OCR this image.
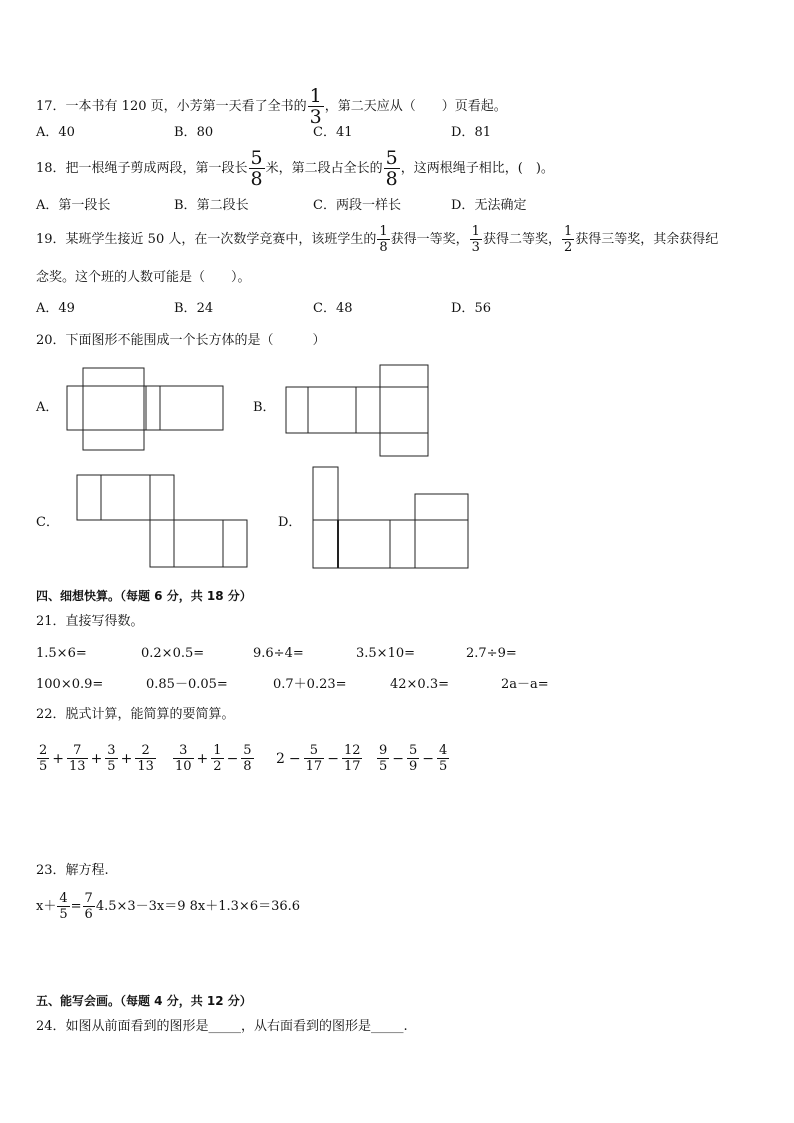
17．一本书有 120 页，小芳第一天看了全书的 $\frac{1}{3}$ ，第二天应从（　　）页看起。
A．40	B．80	C．41	D．81
18．把一根绳子剪成两段，第一段长 $\frac{5}{8}$ 米，第二段占全长的 $\frac{5}{8}$ ，这两根绳子相比，(　)。
A．第一段长	B．第二段长	C．两段一样长	D．无法确定
19．某班学生接近 50 人，在一次数学竞赛中，该班学生的 $\frac{1}{8}$ 获得一等奖， $\frac{1}{3}$ 获得二等奖， $\frac{1}{2}$ 获得三等奖，其余获得纪
念奖。这个班的人数可能是（　　）。
A．49	B．24	C．48	D．56
20．下面图形不能围成一个长方体的是（　　　）
A．	B．
C．	D．
四、细想快算。（每题 6 分，共 18 分）
21．直接写得数。
1.5×6=	0.2×0.5=	9.6÷4=	3.5×10=	2.7÷9=
100×0.9=	0.85－0.05=	0.7＋0.23=	42×0.3=	2a－a=
22．脱式计算，能简算的要简算。
$\frac{2}{5} + \frac{7}{13} + \frac{3}{5} + \frac{2}{13} \frac{3}{10} + \frac{1}{2} - \frac{5}{8} 2 - \frac{5}{17} - \frac{12}{17} \frac{9}{5} - \frac{5}{9} - \frac{4}{5}$
23．解方程.
$x+ \frac{4}{5} = \frac{7}{6} 4.5\times 3-3x=9$ 8x＋1.3×6＝36.6
五、能写会画。（每题 4 分，共 12 分）
24．如图从前面看到的图形是_____，从右面看到的图形是_____.
